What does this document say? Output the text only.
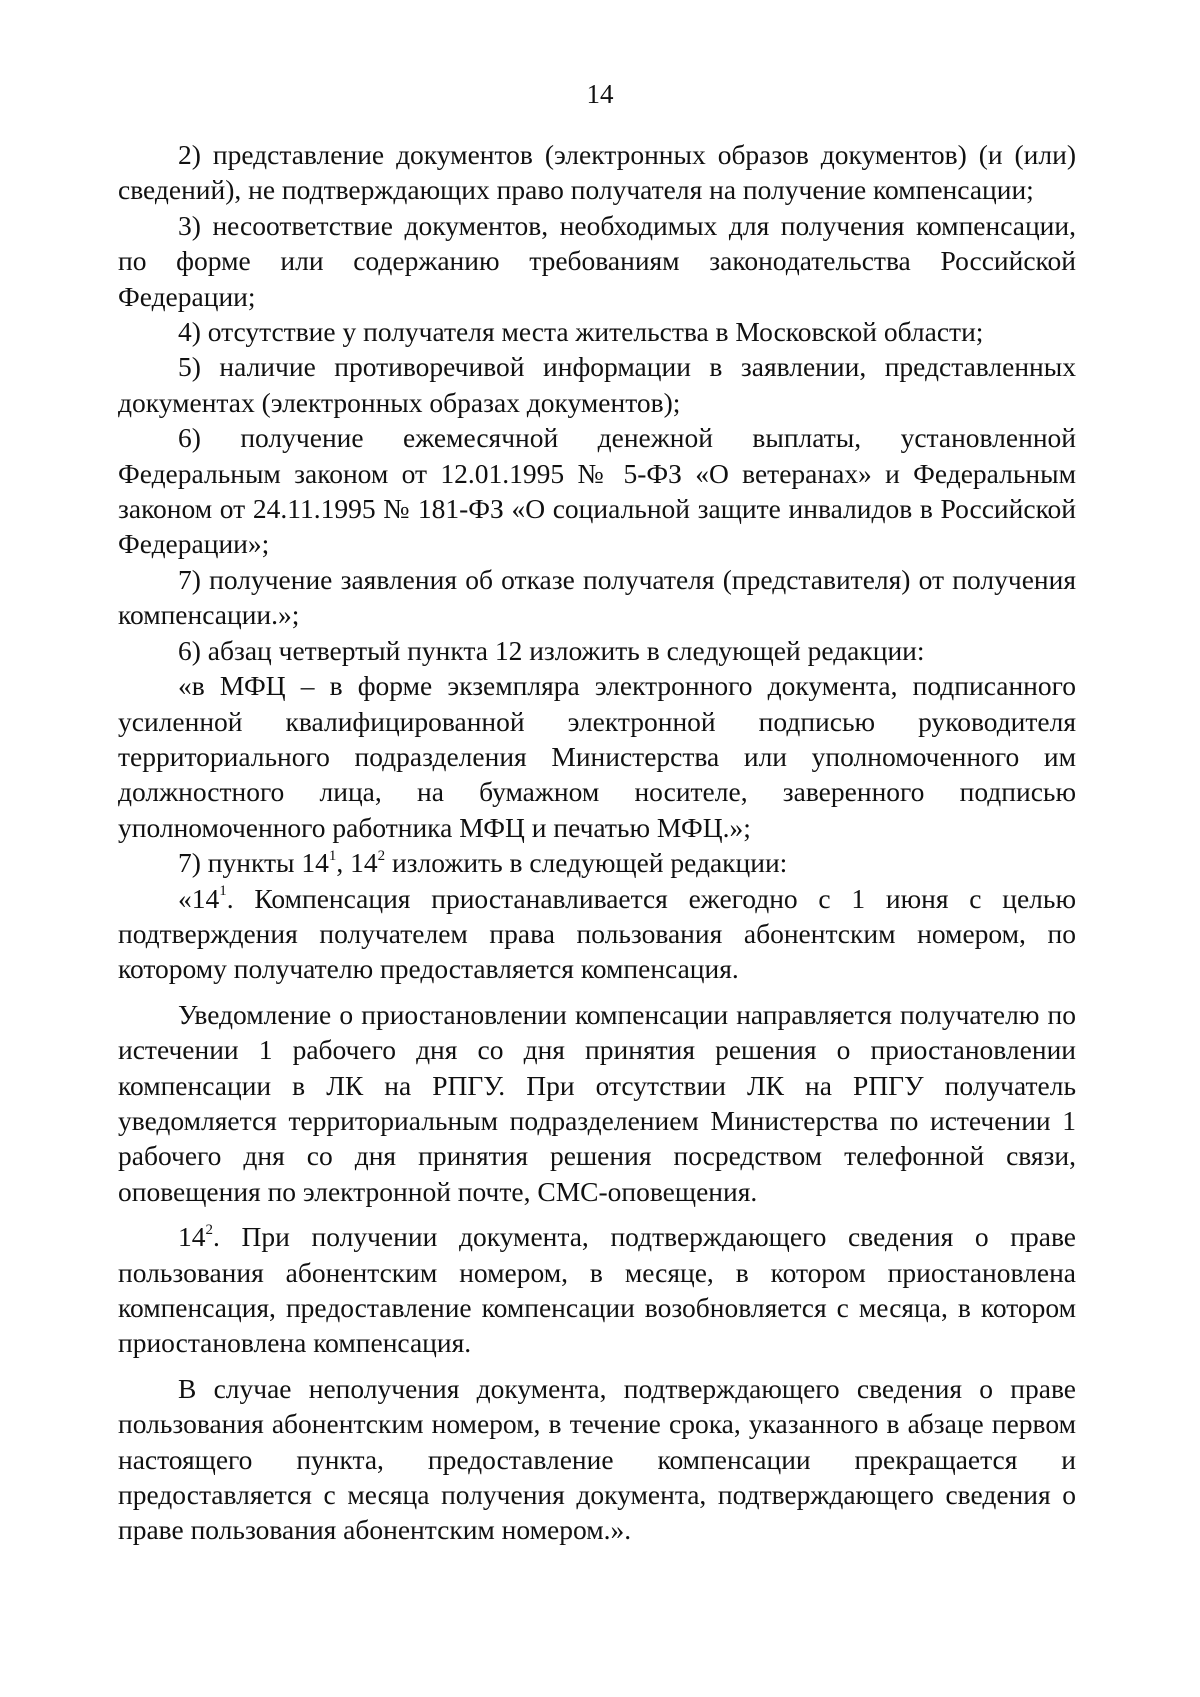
14

2) представление документов (электронных образов документов) (и (или) сведений), не подтверждающих право получателя на получение компенсации;

3) несоответствие документов, необходимых для получения компенсации, по форме или содержанию требованиям законодательства Российской Федерации;

4) отсутствие у получателя места жительства в Московской области;

5) наличие противоречивой информации в заявлении, представленных документах (электронных образах документов);

6) получение ежемесячной денежной выплаты, установленной Федеральным законом от 12.01.1995 № 5-ФЗ «О ветеранах» и Федеральным законом от 24.11.1995 № 181-ФЗ «О социальной защите инвалидов в Российской Федерации»;

7) получение заявления об отказе получателя (представителя) от получения компенсации.»;

6) абзац четвертый пункта 12 изложить в следующей редакции:

«в МФЦ – в форме экземпляра электронного документа, подписанного усиленной квалифицированной электронной подписью руководителя территориального подразделения Министерства или уполномоченного им должностного лица, на бумажном носителе, заверенного подписью уполномоченного работника МФЦ и печатью МФЦ.»;

7) пункты $14^1$, $14^2$ изложить в следующей редакции:

«$14^1$. Компенсация приостанавливается ежегодно с 1 июня с целью подтверждения получателем права пользования абонентским номером, по которому получателю предоставляется компенсация.

Уведомление о приостановлении компенсации направляется получателю по истечении 1 рабочего дня со дня принятия решения о приостановлении компенсации в ЛК на РПГУ. При отсутствии ЛК на РПГУ получатель уведомляется территориальным подразделением Министерства по истечении 1 рабочего дня со дня принятия решения посредством телефонной связи, оповещения по электронной почте, СМС-оповещения.

$14^2$. При получении документа, подтверждающего сведения о праве пользования абонентским номером, в месяце, в котором приостановлена компенсация, предоставление компенсации возобновляется с месяца, в котором приостановлена компенсация.

В случае неполучения документа, подтверждающего сведения о праве пользования абонентским номером, в течение срока, указанного в абзаце первом настоящего пункта, предоставление компенсации прекращается и предоставляется с месяца получения документа, подтверждающего сведения о праве пользования абонентским номером.».
